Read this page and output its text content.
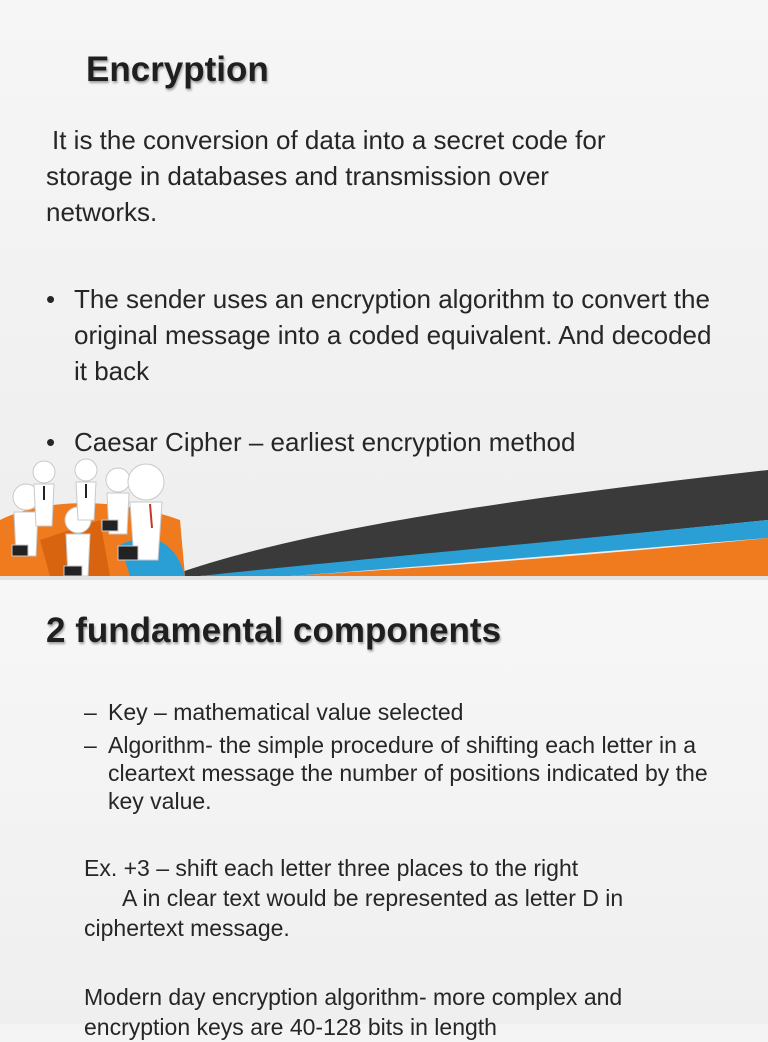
Encryption

It is the conversion of data into a secret code for
storage in databases and transmission over
networks.

• The sender uses an encryption algorithm to convert the original message into a coded equivalent. And decoded it back
• Caesar Cipher – earliest encryption method
2 fundamental components
– Key – mathematical value selected
– Algorithm- the simple procedure of shifting each letter in a cleartext message the number of positions indicated by the key value.

Ex. +3 – shift each letter three places to the right
A in clear text would be represented as letter D in
ciphertext message.

Modern day encryption algorithm- more complex and
encryption keys are 40-128 bits in length
